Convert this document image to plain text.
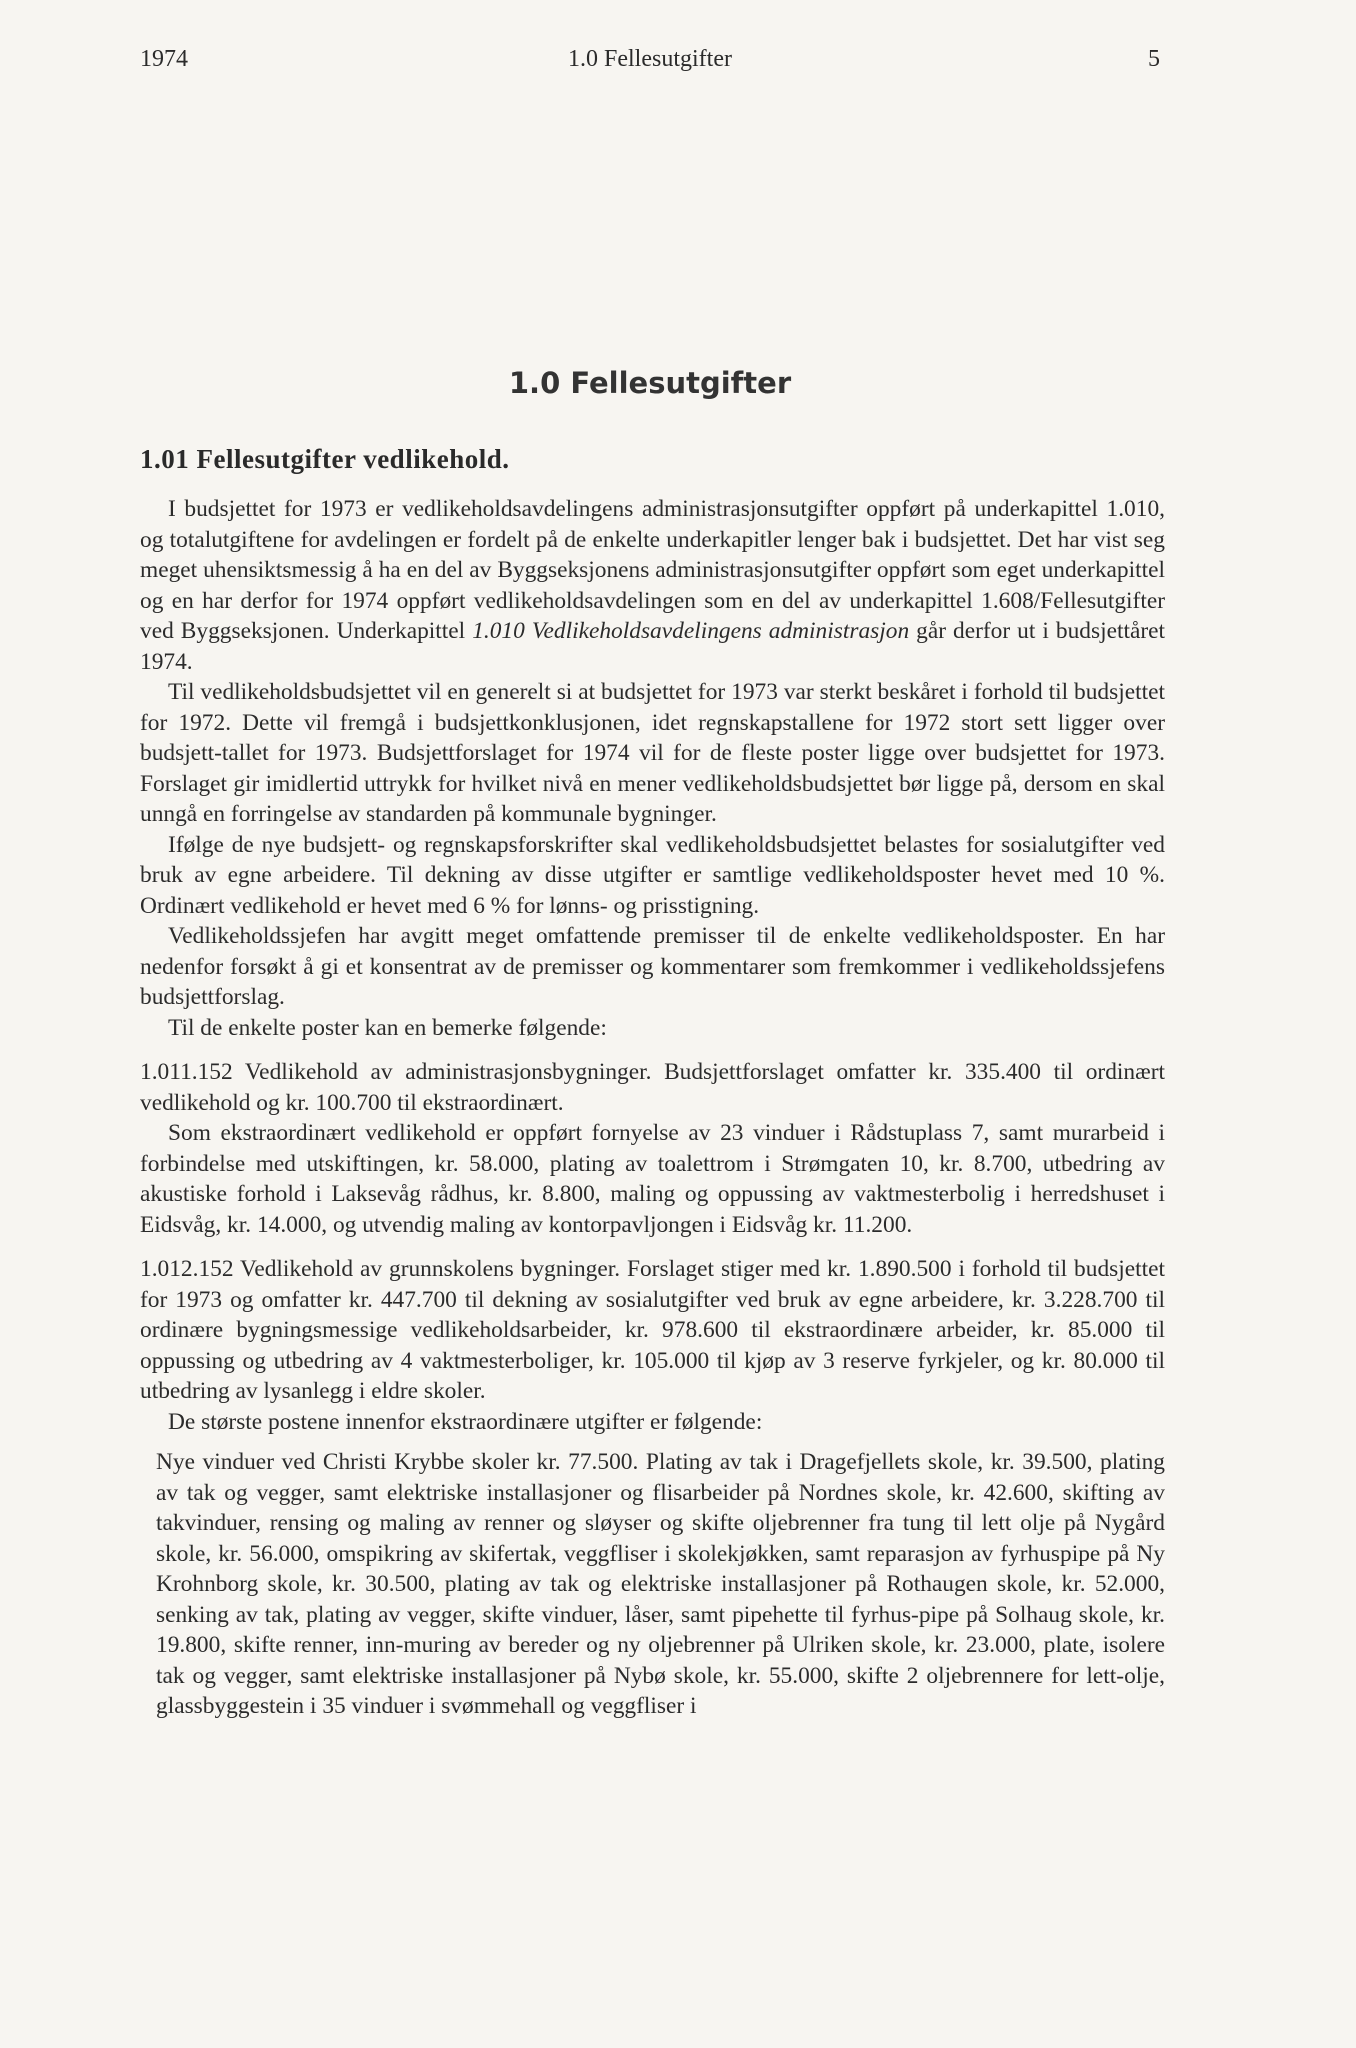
1974	1.0 Fellesutgifter	5
1.0 Fellesutgifter
1.01 Fellesutgifter vedlikehold.

I budsjettet for 1973 er vedlikeholdsavdelingens administrasjonsutgifter oppført på underkapittel 1.010, og totalutgiftene for avdelingen er fordelt på de enkelte underkapitler lenger bak i budsjettet. Det har vist seg meget uhensiktsmessig å ha en del av Byggseksjonens administrasjonsutgifter oppført som eget underkapittel og en har derfor for 1974 oppført vedlikeholdsavdelingen som en del av underkapittel 1.608/Fellesutgifter ved Byggseksjonen. Underkapittel 1.010 Vedlikeholdsavdelingens administrasjon går derfor ut i budsjettåret 1974.

Til vedlikeholdsbudsjettet vil en generelt si at budsjettet for 1973 var sterkt beskåret i forhold til budsjettet for 1972. Dette vil fremgå i budsjettkonklusjonen, idet regnskapstallene for 1972 stort sett ligger over budsjett-tallet for 1973. Budsjettforslaget for 1974 vil for de fleste poster ligge over budsjettet for 1973. Forslaget gir imidlertid uttrykk for hvilket nivå en mener vedlikeholdsbudsjettet bør ligge på, dersom en skal unngå en forringelse av standarden på kommunale bygninger.

Ifølge de nye budsjett- og regnskapsforskrifter skal vedlikeholdsbudsjettet belastes for sosialutgifter ved bruk av egne arbeidere. Til dekning av disse utgifter er samtlige vedlikeholdsposter hevet med 10 %. Ordinært vedlikehold er hevet med 6 % for lønns- og prisstigning.

Vedlikeholdssjefen har avgitt meget omfattende premisser til de enkelte vedlikeholdsposter. En har nedenfor forsøkt å gi et konsentrat av de premisser og kommentarer som fremkommer i vedlikeholdssjefens budsjettforslag.

Til de enkelte poster kan en bemerke følgende:

1.011.152 Vedlikehold av administrasjonsbygninger. Budsjettforslaget omfatter kr. 335.400 til ordinært vedlikehold og kr. 100.700 til ekstraordinært.

Som ekstraordinært vedlikehold er oppført fornyelse av 23 vinduer i Rådstuplass 7, samt murarbeid i forbindelse med utskiftingen, kr. 58.000, plating av toalettrom i Strømgaten 10, kr. 8.700, utbedring av akustiske forhold i Laksevåg rådhus, kr. 8.800, maling og oppussing av vaktmesterbolig i herredshuset i Eidsvåg, kr. 14.000, og utvendig maling av kontorpavljongen i Eidsvåg kr. 11.200.

1.012.152 Vedlikehold av grunnskolens bygninger. Forslaget stiger med kr. 1.890.500 i forhold til budsjettet for 1973 og omfatter kr. 447.700 til dekning av sosialutgifter ved bruk av egne arbeidere, kr. 3.228.700 til ordinære bygningsmessige vedlikeholdsarbeider, kr. 978.600 til ekstraordinære arbeider, kr. 85.000 til oppussing og utbedring av 4 vaktmesterboliger, kr. 105.000 til kjøp av 3 reserve fyrkjeler, og kr. 80.000 til utbedring av lysanlegg i eldre skoler.

De største postene innenfor ekstraordinære utgifter er følgende:

Nye vinduer ved Christi Krybbe skoler kr. 77.500. Plating av tak i Dragefjellets skole, kr. 39.500, plating av tak og vegger, samt elektriske installasjoner og flisarbeider på Nordnes skole, kr. 42.600, skifting av takvinduer, rensing og maling av renner og sløyser og skifte oljebrenner fra tung til lett olje på Nygård skole, kr. 56.000, omspikring av skifertak, veggfliser i skolekjøkken, samt reparasjon av fyrhuspipe på Ny Krohnborg skole, kr. 30.500, plating av tak og elektriske installasjoner på Rothaugen skole, kr. 52.000, senking av tak, plating av vegger, skifte vinduer, låser, samt pipehette til fyrhus-pipe på Solhaug skole, kr. 19.800, skifte renner, inn-muring av bereder og ny oljebrenner på Ulriken skole, kr. 23.000, plate, isolere tak og vegger, samt elektriske installasjoner på Nybø skole, kr. 55.000, skifte 2 oljebrennere for lett-olje, glassbyggestein i 35 vinduer i svømmehall og veggfliser i
